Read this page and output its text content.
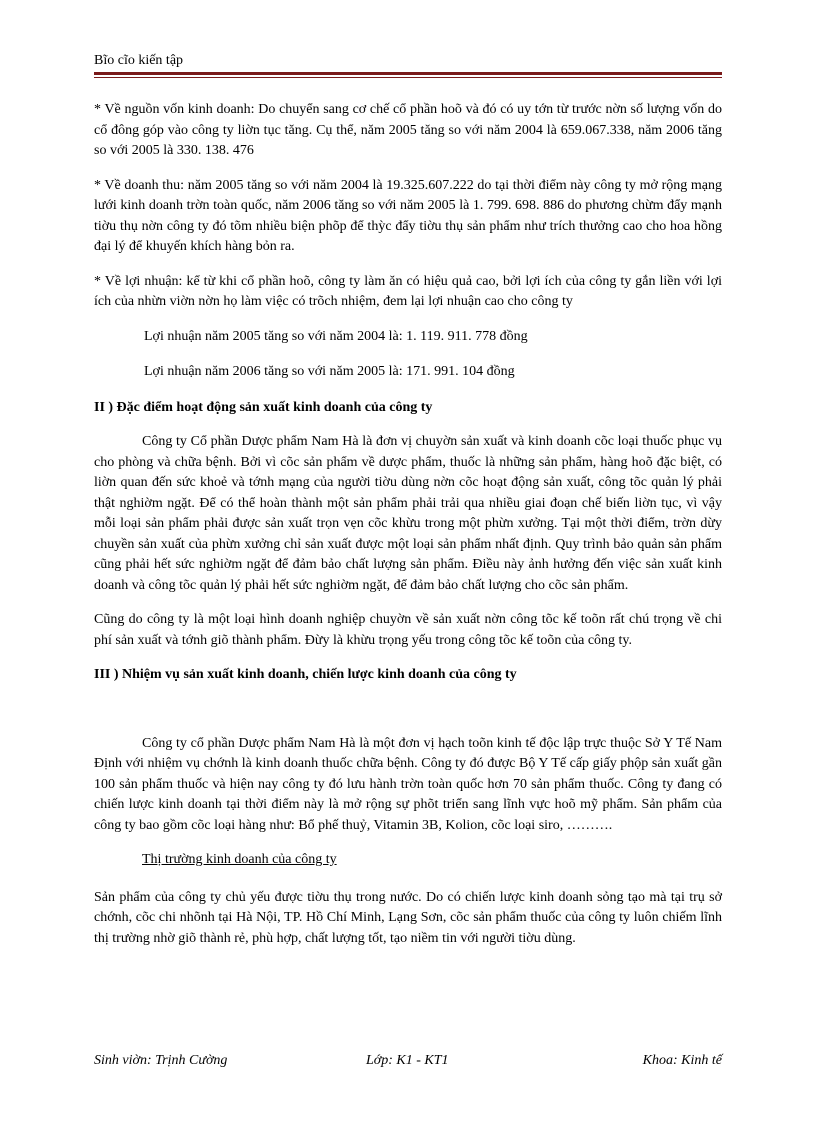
Bĩo cĩo kiến tập

* Về nguồn vốn kinh doanh: Do chuyển sang cơ chế cổ phần hoõ và đó có uy tớn từ trước nờn số lượng vốn do cổ đông góp vào công ty liờn tục tăng. Cụ thể, năm 2005 tăng so với năm 2004 là 659.067.338, năm 2006 tăng so với 2005 là 330. 138. 476

* Về doanh thu: năm 2005 tăng so với năm 2004 là 19.325.607.222 do tại thời điểm này công ty mở rộng mạng lưới kinh doanh trờn toàn quốc, năm 2006 tăng so với năm 2005 là 1. 799. 698. 886 do phương chừm đẩy mạnh tiờu thụ nờn công ty đó tõm nhiều biện phõp để thỳc đẩy tiờu thụ sản phẩm như trích thưởng cao cho hoa hồng đại lý để khuyến khích hàng bỏn ra.

* Về lợi nhuận: kể từ khi cổ phần hoõ, công ty làm ăn có hiệu quả cao, bởi lợi ích của công ty gắn liền với lợi ích của nhừn viờn nờn họ làm việc có trõch nhiệm, đem lại lợi nhuận cao cho công ty

Lợi nhuận năm 2005 tăng so với năm 2004 là: 1. 119. 911. 778 đồng

Lợi nhuận năm 2006 tăng so với năm 2005 là: 171. 991. 104 đồng

II ) Đặc điểm hoạt động sản xuất kinh doanh của công ty

Công ty Cổ phần Dược phẩm Nam Hà là đơn vị chuyờn sản xuất và kinh doanh cõc loại thuốc phục vụ cho phòng và chữa bệnh. Bởi vì cõc sản phẩm về dược phẩm, thuốc là những sản phẩm, hàng hoõ đặc biệt, có liờn quan đến sức khoẻ và tớnh mạng của người tiờu dùng nờn cõc hoạt động sản xuất, công tõc quản lý phải thật nghiờm ngặt. Để có thể hoàn thành một sản phẩm phải trải qua nhiều giai đoạn chế biến liờn tục, vì vậy mỗi loại sản phẩm phải được sản xuất trọn vẹn cõc khừu trong một phừn xưởng. Tại một thời điểm, trờn dừy chuyền sản xuất của phừn xưởng chỉ sản xuất được một loại sản phẩm nhất định. Quy trình bảo quản sản phẩm cũng phải hết sức nghiờm ngặt để đảm bảo chất lượng sản phẩm. Điều này ảnh hưởng đến việc sản xuất kinh doanh và công tõc quản lý phải hết sức nghiờm ngặt, để đảm bảo chất lượng cho cõc sản phẩm.

Cũng do công ty là một loại hình doanh nghiệp chuyờn về sản xuất nờn công tõc kế toõn rất chú trọng về chi phí sản xuất và tớnh giõ thành phẩm. Đừy là khừu trọng yếu trong công tõc kế toõn của công ty.

III ) Nhiệm vụ sản xuất kinh doanh, chiến lược kinh doanh của công ty

Công ty cổ phần Dược phẩm Nam Hà là một đơn vị hạch toõn kinh tế độc lập trực thuộc Sở Y Tế Nam Định với nhiệm vụ chớnh là kinh doanh thuốc chữa bệnh. Công ty đó được Bộ Y Tế cấp giấy phộp sản xuất gần 100 sản phẩm thuốc và hiện nay công ty đó lưu hành trờn toàn quốc hơn 70 sản phẩm thuốc. Công ty đang có chiến lược kinh doanh tại thời điểm này là mở rộng sự phõt triển sang lĩnh vực hoõ mỹ phẩm. Sản phẩm của công ty bao gồm cõc loại hàng như: Bổ phế thuỷ, Vitamin 3B, Kolion, cõc loại siro, ……….

Thị trường kinh doanh của công ty

Sản phẩm của công ty chủ yếu được tiờu thụ trong nước. Do có chiến lược kinh doanh sỏng tạo mà tại trụ sở chớnh, cõc chi nhõnh tại Hà Nội, TP. Hồ Chí Minh, Lạng Sơn, cõc sản phẩm thuốc của công ty luôn chiếm lĩnh thị trường nhờ giõ thành rẻ, phù hợp, chất lượng tốt, tạo niềm tin với người tiờu dùng.

Sinh viờn: Trịnh Cường	Lớp: K1 - KT1	Khoa: Kinh tế
